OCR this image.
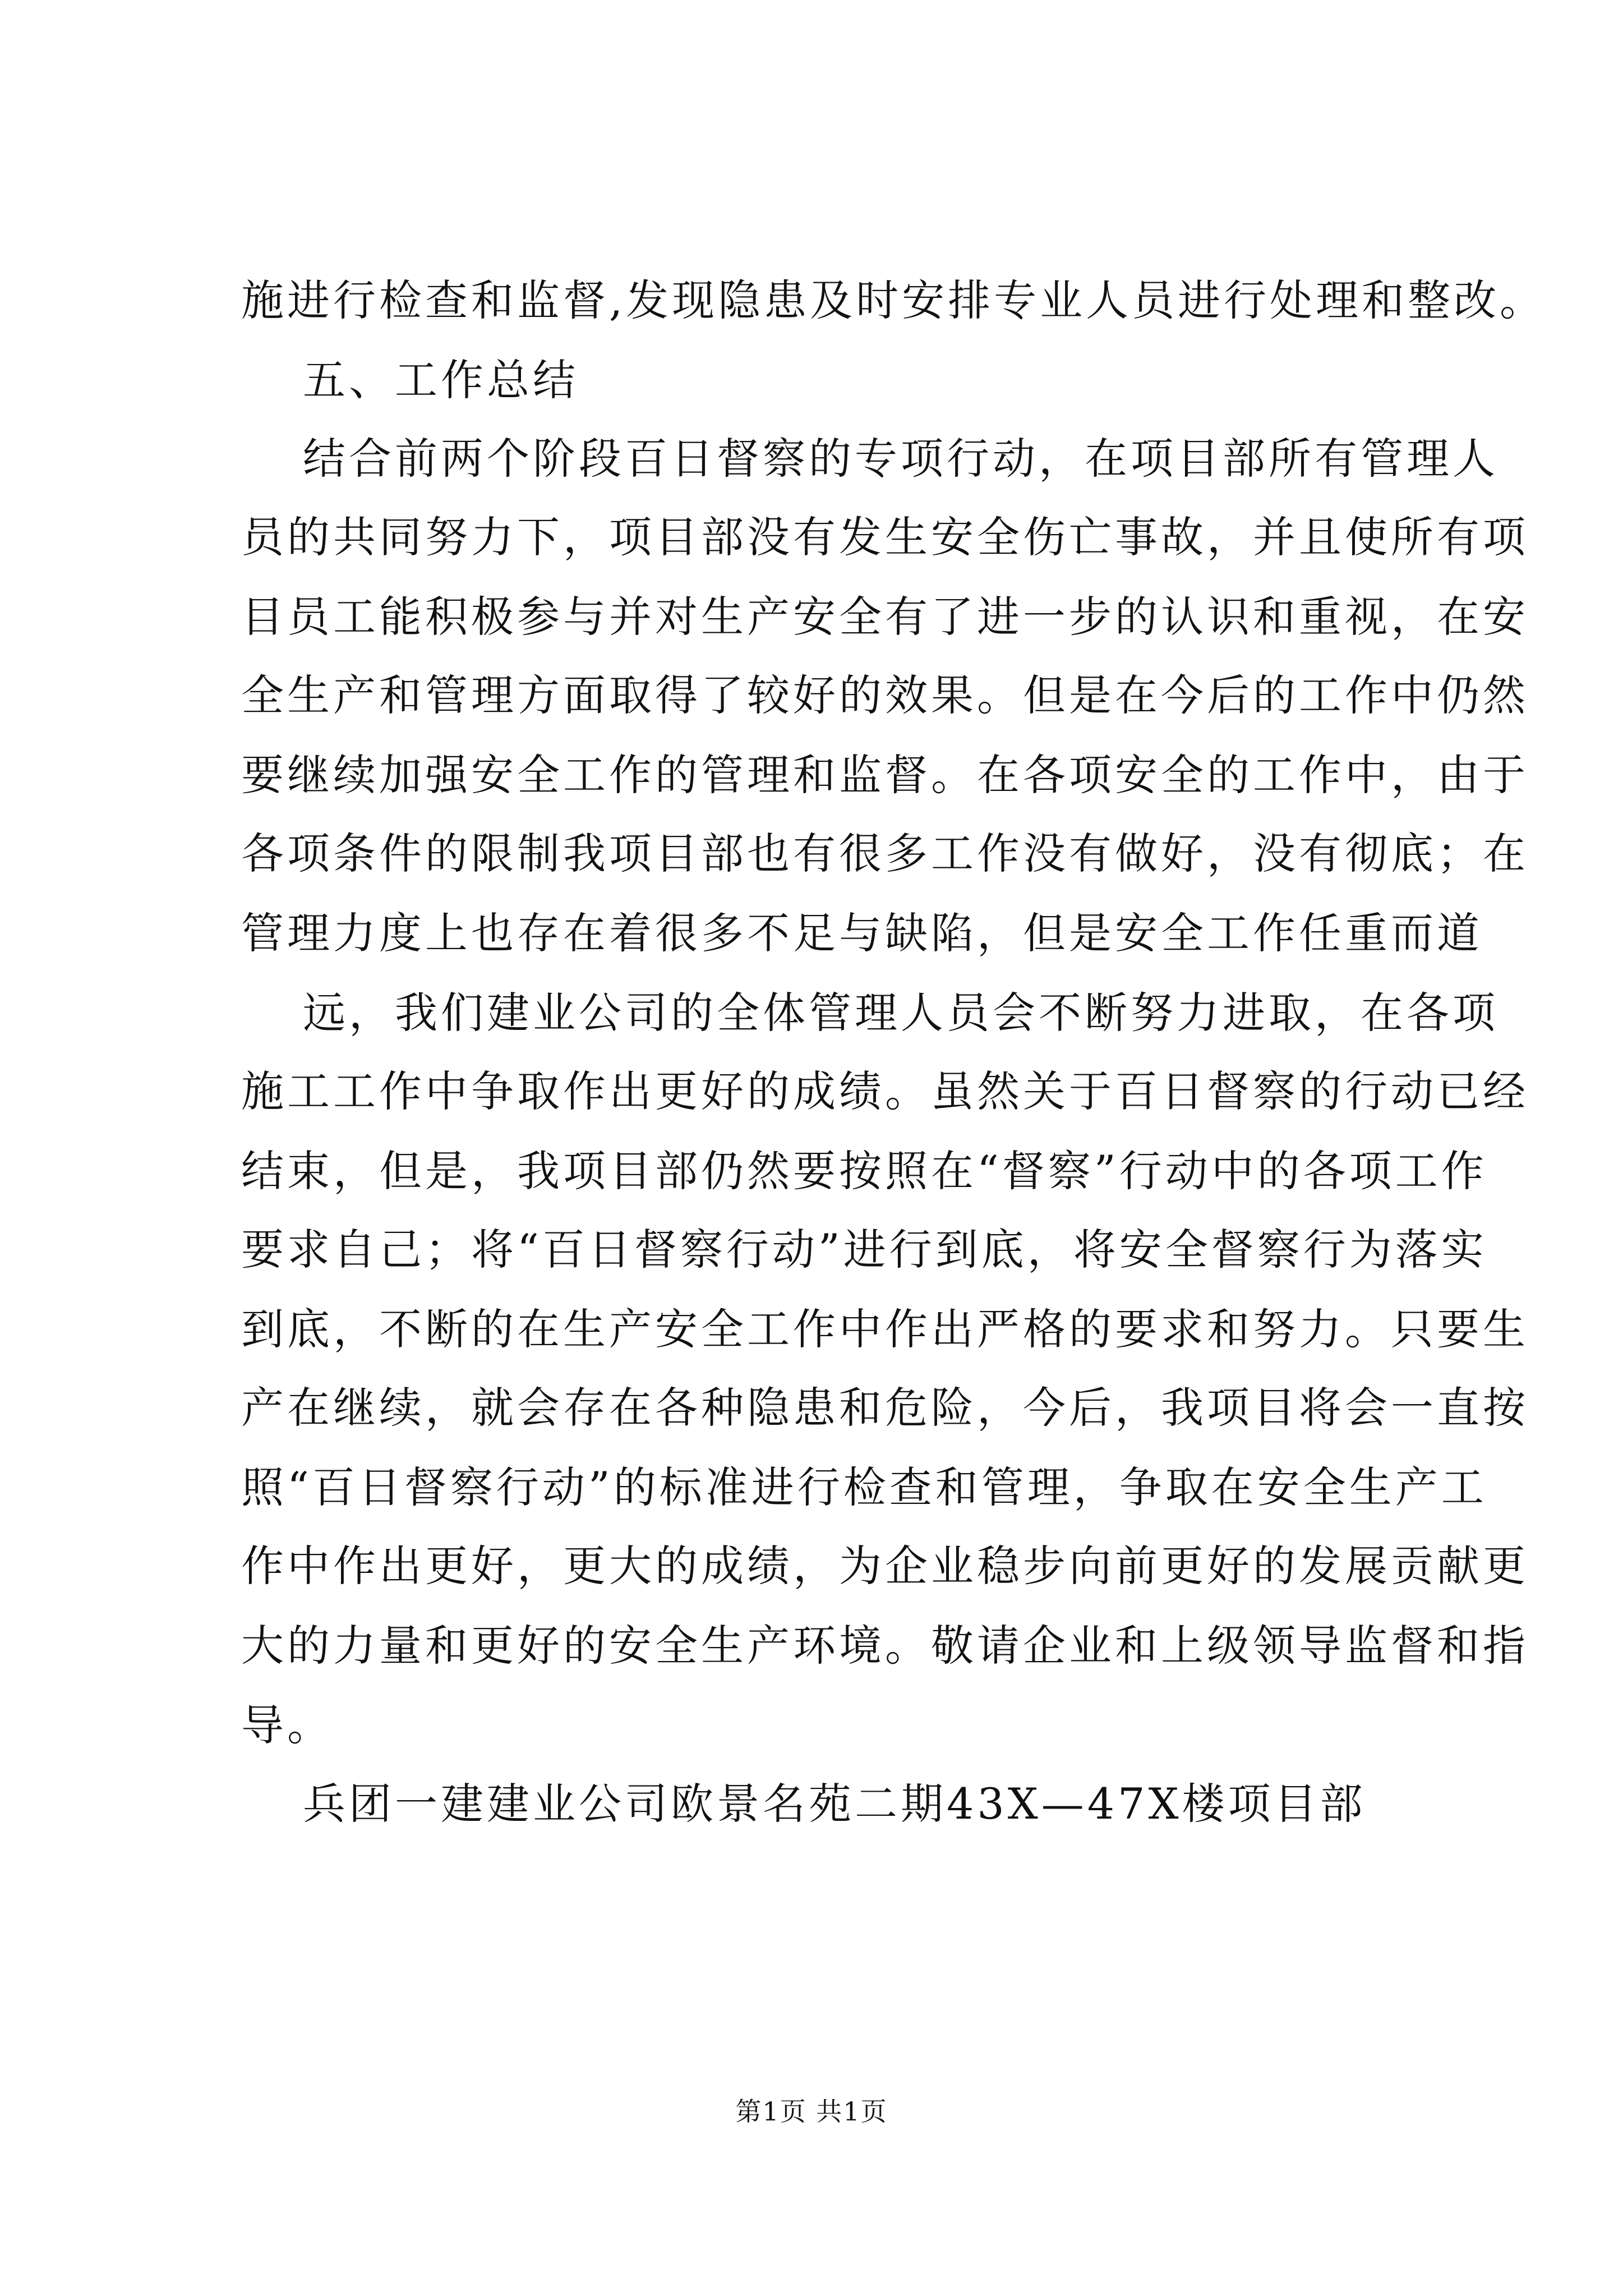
施进行检查和监督,发现隐患及时安排专业人员进行处理和整改。
五、工作总结
结合前两个阶段百日督察的专项行动，在项目部所有管理人
员的共同努力下，项目部没有发生安全伤亡事故，并且使所有项
目员工能积极参与并对生产安全有了进一步的认识和重视，在安
全生产和管理方面取得了较好的效果。但是在今后的工作中仍然
要继续加强安全工作的管理和监督。在各项安全的工作中，由于
各项条件的限制我项目部也有很多工作没有做好，没有彻底；在
管理力度上也存在着很多不足与缺陷，但是安全工作任重而道
远，我们建业公司的全体管理人员会不断努力进取，在各项
施工工作中争取作出更好的成绩。虽然关于百日督察的行动已经
结束，但是，我项目部仍然要按照在“督察”行动中的各项工作
要求自己；将“百日督察行动”进行到底，将安全督察行为落实
到底，不断的在生产安全工作中作出严格的要求和努力。只要生
产在继续，就会存在各种隐患和危险，今后，我项目将会一直按
照“百日督察行动”的标准进行检查和管理，争取在安全生产工
作中作出更好，更大的成绩，为企业稳步向前更好的发展贡献更
大的力量和更好的安全生产环境。敬请企业和上级领导监督和指
导。
兵团一建建业公司欧景名苑二期43X—47X楼项目部
第1页 共1页
